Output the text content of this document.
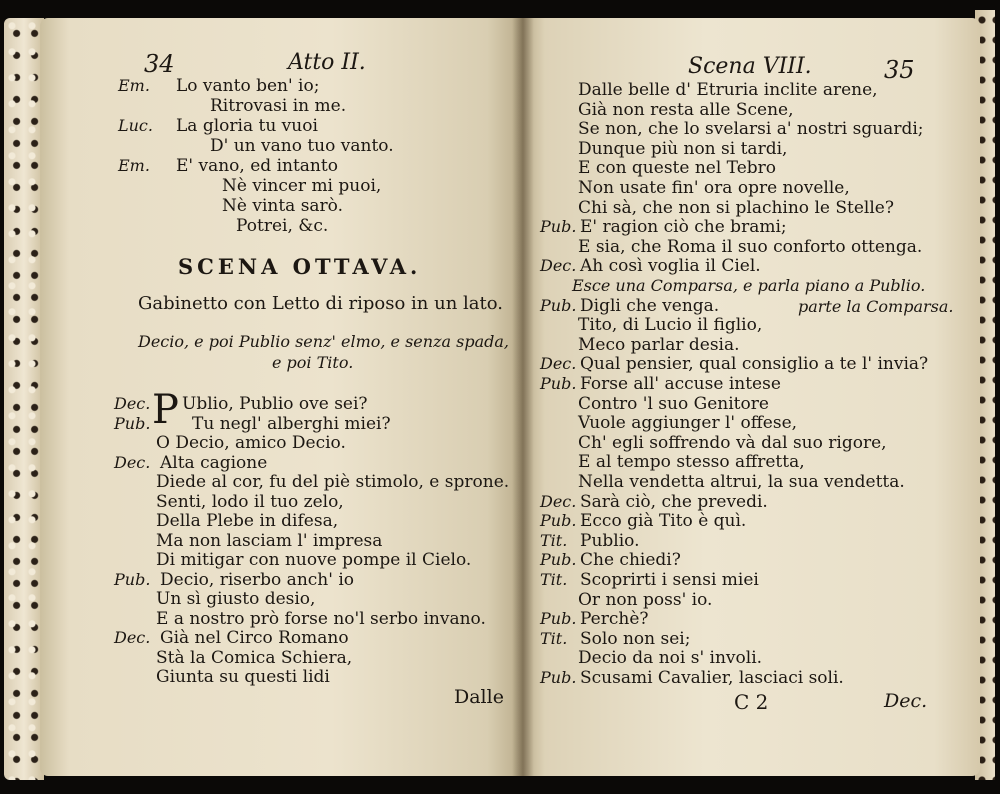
34	Atto II.
Em. Lo vanto ben' io;
Ritrovasi in me.
Luc. La gloria tu vuoi
D' un vano tuo vanto.
Em. E' vano, ed intanto
Nè vincer mi puoi,
Nè vinta sarò.
Potrei, &c.
SCENA OTTAVA.
Gabinetto con Letto di riposo in un lato.
Decio, e poi Publio senz' elmo, e senza spada,
e poi Tito.
P
Dec. Ublio, Publio ove sei?
Pub. Tu negl' alberghi miei?
O Decio, amico Decio.
Dec. Alta cagione
Diede al cor, fu del piè stimolo, e sprone.
Senti, lodo il tuo zelo,
Della Plebe in difesa,
Ma non lasciam l' impresa
Di mitigar con nuove pompe il Cielo.
Pub. Decio, riserbo anch' io
Un sì giusto desio,
E a nostro prò forse no'l serbo invano.
Dec. Già nel Circo Romano
Stà la Comica Schiera,
Giunta su questi lidi
Dalle
Scena VIII.	35
Dalle belle d' Etruria inclite arene,
Già non resta alle Scene,
Se non, che lo svelarsi a' nostri sguardi;
Dunque più non si tardi,
E con queste nel Tebro
Non usate fin' ora opre novelle,
Chi sà, che non si plachino le Stelle?
Pub. E' ragion ciò che brami;
E sia, che Roma il suo conforto ottenga.
Dec. Ah così voglia il Ciel.
Esce una Comparsa, e parla piano a Publio.
Pub. Digli che venga.	parte la Comparsa.
Tito, di Lucio il figlio,
Meco parlar desia.
Dec. Qual pensier, qual consiglio a te l' invia?
Pub. Forse all' accuse intese
Contro 'l suo Genitore
Vuole aggiunger l' offese,
Ch' egli soffrendo và dal suo rigore,
E al tempo stesso affretta,
Nella vendetta altrui, la sua vendetta.
Dec. Sarà ciò, che prevedi.
Pub. Ecco già Tito è quì.
Tit. Publio.
Pub. Che chiedi?
Tit. Scoprirti i sensi miei
Or non poss' io.
Pub. Perchè?
Tit. Solo non sei;
Decio da noi s' involi.
Pub. Scusami Cavalier, lasciaci soli.
C 2	Dec.
